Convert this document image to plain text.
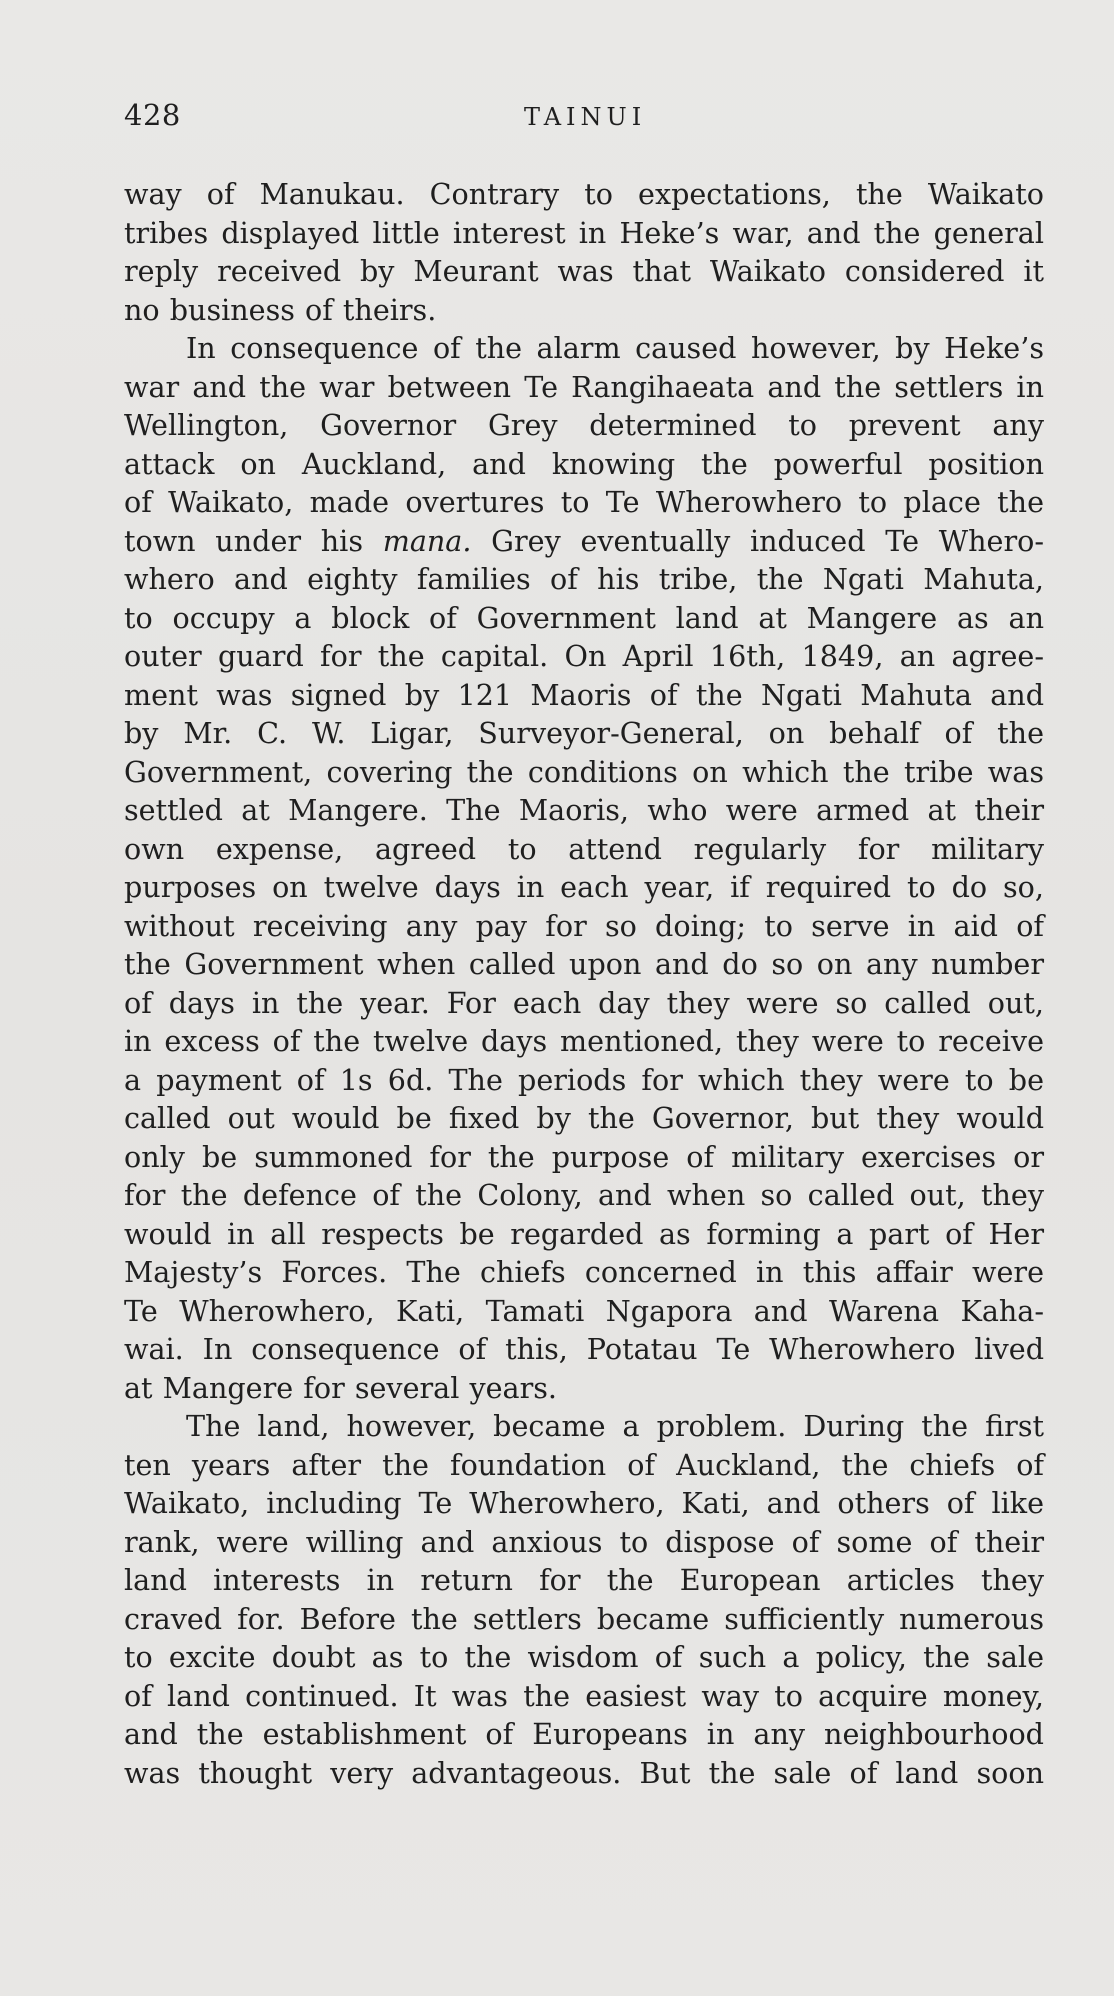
428	TAINUI

way of Manukau. Contrary to expectations, the Waikato
tribes displayed little interest in Heke’s war, and the general
reply received by Meurant was that Waikato considered it
no business of theirs.

In consequence of the alarm caused however, by Heke’s
war and the war between Te Rangihaeata and the settlers in
Wellington, Governor Grey determined to prevent any
attack on Auckland, and knowing the powerful position
of Waikato, made overtures to Te Wherowhero to place the
town under his mana. Grey eventually induced Te Whero-
whero and eighty families of his tribe, the Ngati Mahuta,
to occupy a block of Government land at Mangere as an
outer guard for the capital. On April 16th, 1849, an agree-
ment was signed by 121 Maoris of the Ngati Mahuta and
by Mr. C. W. Ligar, Surveyor-General, on behalf of the
Government, covering the conditions on which the tribe was
settled at Mangere. The Maoris, who were armed at their
own expense, agreed to attend regularly for military
purposes on twelve days in each year, if required to do so,
without receiving any pay for so doing; to serve in aid of
the Government when called upon and do so on any number
of days in the year. For each day they were so called out,
in excess of the twelve days mentioned, they were to receive
a payment of 1s 6d. The periods for which they were to be
called out would be fixed by the Governor, but they would
only be summoned for the purpose of military exercises or
for the defence of the Colony, and when so called out, they
would in all respects be regarded as forming a part of Her
Majesty’s Forces. The chiefs concerned in this affair were
Te Wherowhero, Kati, Tamati Ngapora and Warena Kaha-
wai. In consequence of this, Potatau Te Wherowhero lived
at Mangere for several years.

The land, however, became a problem. During the first
ten years after the foundation of Auckland, the chiefs of
Waikato, including Te Wherowhero, Kati, and others of like
rank, were willing and anxious to dispose of some of their
land interests in return for the European articles they
craved for. Before the settlers became sufficiently numerous
to excite doubt as to the wisdom of such a policy, the sale
of land continued. It was the easiest way to acquire money,
and the establishment of Europeans in any neighbourhood
was thought very advantageous. But the sale of land soon
